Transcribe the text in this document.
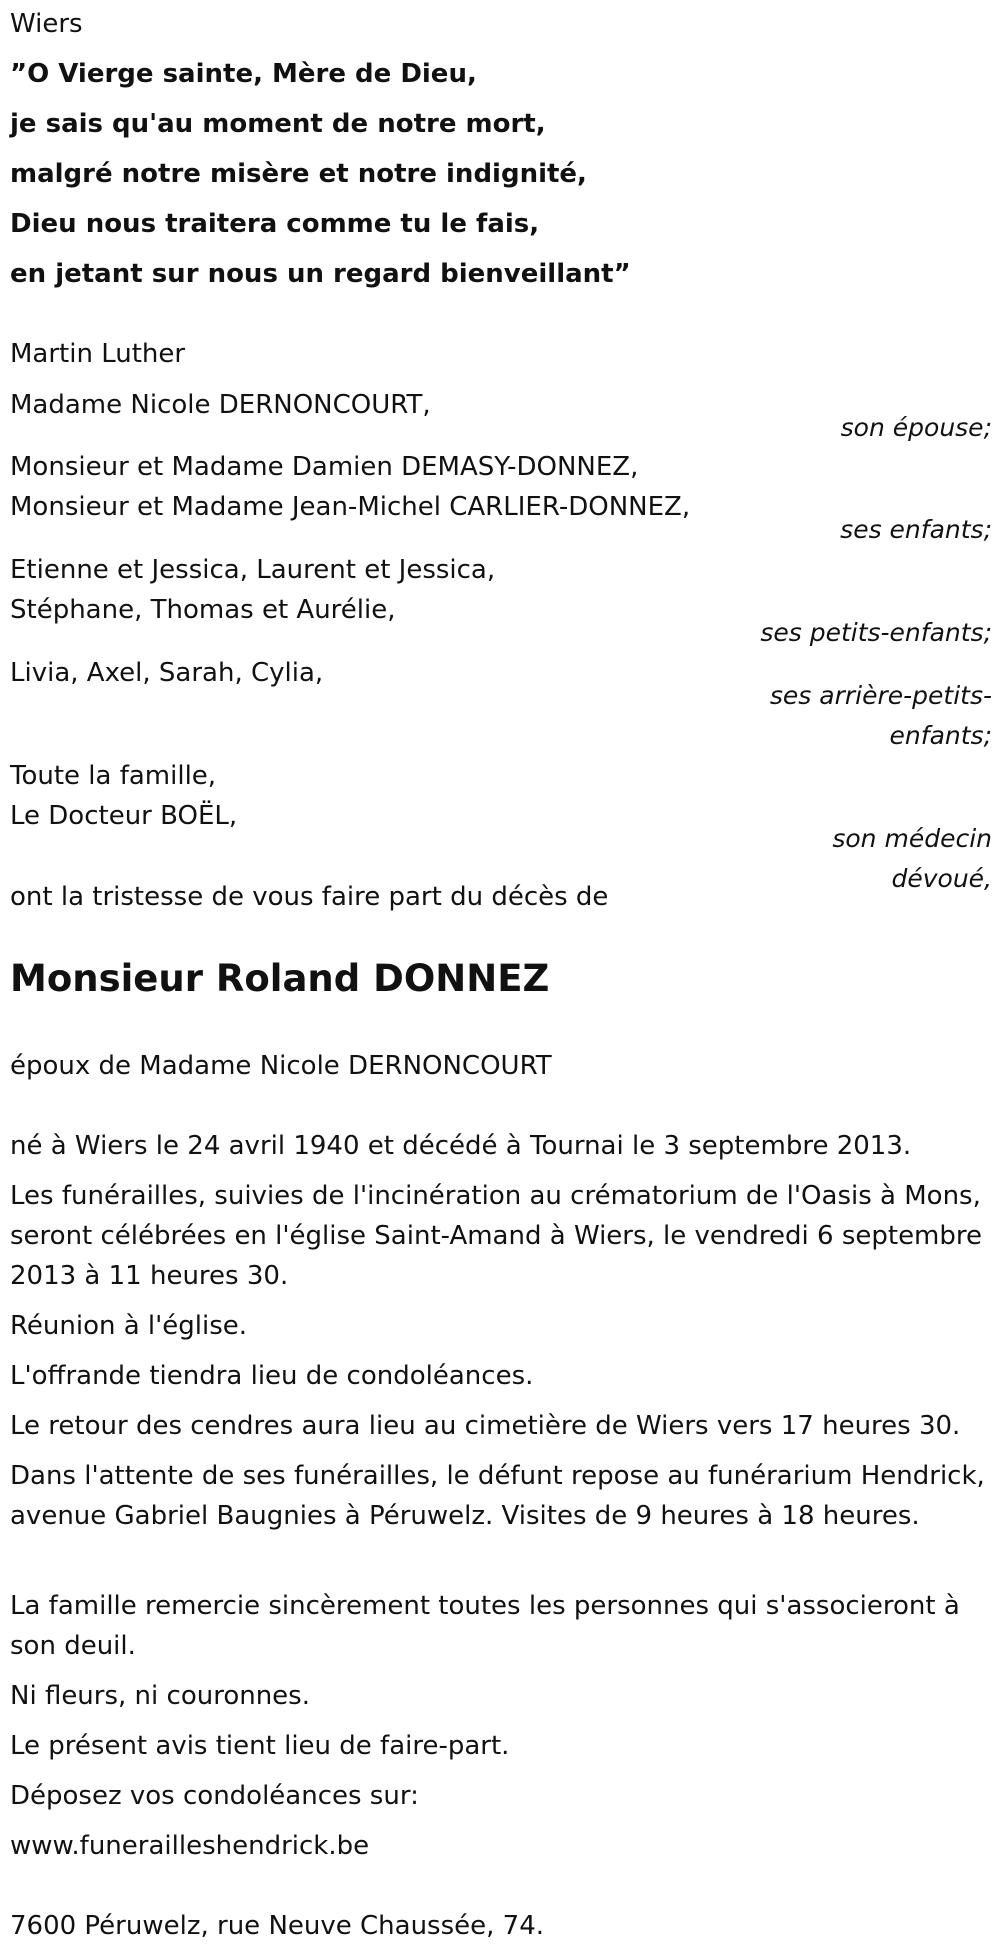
Wiers
”O Vierge sainte, Mère de Dieu,
je sais qu'au moment de notre mort,
malgré notre misère et notre indignité,
Dieu nous traitera comme tu le fais,
en jetant sur nous un regard bienveillant”
Martin Luther
Madame Nicole DERNONCOURT,
son épouse;
Monsieur et Madame Damien DEMASY-DONNEZ,
Monsieur et Madame Jean-Michel CARLIER-DONNEZ,
ses enfants;
Etienne et Jessica, Laurent et Jessica,
Stéphane, Thomas et Aurélie,
ses petits-enfants;
Livia, Axel, Sarah, Cylia,
ses arrière-petits-
enfants;
Toute la famille,
Le Docteur BOËL,
son médecin
dévoué,
ont la tristesse de vous faire part du décès de
Monsieur Roland DONNEZ
époux de Madame Nicole DERNONCOURT
né à Wiers le 24 avril 1940 et décédé à Tournai le 3 septembre 2013.
Les funérailles, suivies de l'incinération au crématorium de l'Oasis à Mons, seront célébrées en l'église Saint-Amand à Wiers, le vendredi 6 septembre 2013 à 11 heures 30.
Réunion à l'église.
L'offrande tiendra lieu de condoléances.
Le retour des cendres aura lieu au cimetière de Wiers vers 17 heures 30.
Dans l'attente de ses funérailles, le défunt repose au funérarium Hendrick, avenue Gabriel Baugnies à Péruwelz. Visites de 9 heures à 18 heures.
La famille remercie sincèrement toutes les personnes qui s'associeront à son deuil.
Ni fleurs, ni couronnes.
Le présent avis tient lieu de faire-part.
Déposez vos condoléances sur:
www.funerailleshendrick.be
7600 Péruwelz, rue Neuve Chaussée, 74.
